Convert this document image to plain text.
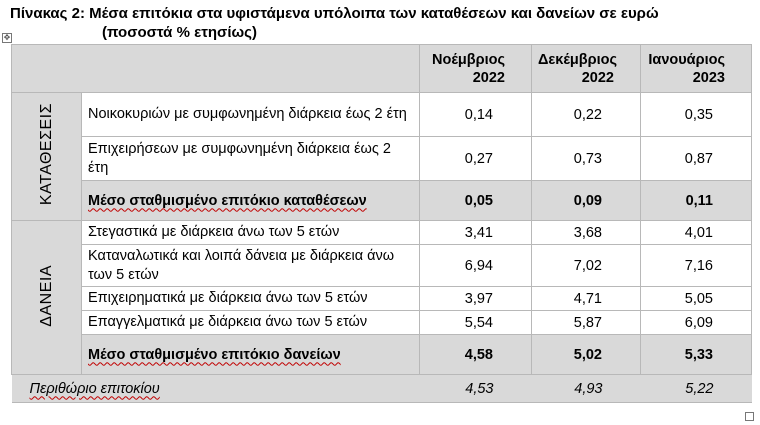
Πίνακας 2: Μέσα επιτόκια στα υφιστάμενα υπόλοιπα των καταθέσεων και δανείων σε ευρώ
(ποσοστά % ετησίως)
✥
		Νοέμβριος 2022	Δεκέμβριος 2022	Ιανουάριος 2023
ΚΑΤΑΘΕΣΕΙΣ	Νοικοκυριών με συμφωνημένη διάρκεια έως 2 έτη	0,14	0,22	0,35
	Επιχειρήσεων με συμφωνημένη διάρκεια έως 2 έτη	0,27	0,73	0,87
	Μέσο σταθμισμένο επιτόκιο καταθέσεων	0,05	0,09	0,11
ΔΑΝΕΙΑ	Στεγαστικά με διάρκεια άνω των 5 ετών	3,41	3,68	4,01
	Καταναλωτικά και λοιπά δάνεια με διάρκεια άνω των 5 ετών	6,94	7,02	7,16
	Επιχειρηματικά με διάρκεια άνω των 5 ετών	3,97	4,71	5,05
	Επαγγελματικά με διάρκεια άνω των 5 ετών	5,54	5,87	6,09
	Μέσο σταθμισμένο επιτόκιο δανείων	4,58	5,02	5,33
Περιθώριο επιτοκίου		4,53	4,93	5,22
